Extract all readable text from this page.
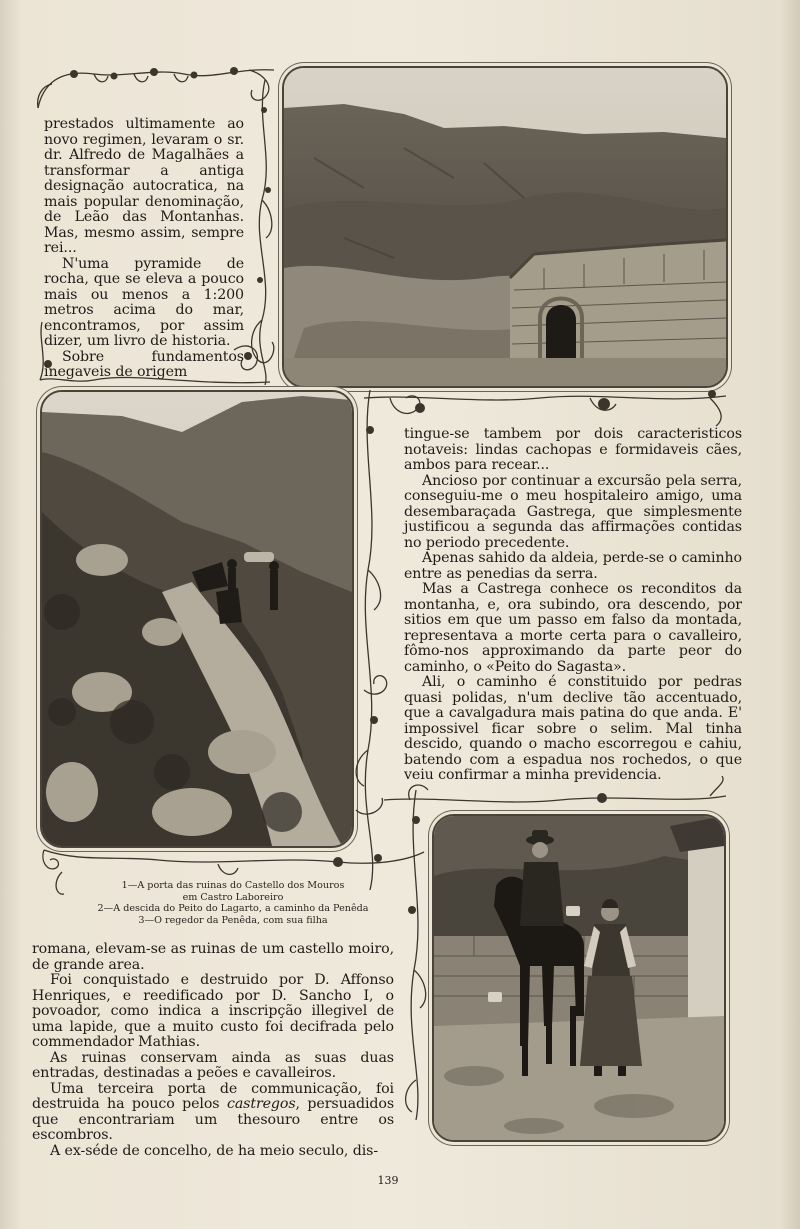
prestados ultimamente ao novo regimen, levaram o sr. dr. Alfredo de Magalhães a transformar a antiga designação autocratica, na mais popular denominação, de Leão das Montanhas. Mas, mesmo assim, sempre rei...

N'uma pyramide de rocha, que se eleva a pouco mais ou menos a 1:200 metros acima do mar, encontramos, por assim dizer, um livro de historia.

Sobre fundamentos inegaveis de origem

tingue-se tambem por dois caracteristicos notaveis: lindas cachopas e formidaveis cães, ambos para recear...

Ancioso por continuar a excursão pela serra, conseguiu-me o meu hospitaleiro amigo, uma desembaraçada Gastrega, que simplesmente justificou a segunda das affirmações contidas no periodo precedente.

Apenas sahido da aldeia, perde-se o caminho entre as penedias da serra.

Mas a Castrega conhece os reconditos da montanha, e, ora subindo, ora descendo, por sitios em que um passo em falso da montada, representava a morte certa para o cavalleiro, fômo-nos approximando da parte peor do caminho, o «Peito do Sagasta».

Ali, o caminho é constituido por pedras quasi polidas, n'um declive tão accentuado, que a cavalgadura mais patina do que anda. E' impossivel ficar sobre o selim. Mal tinha descido, quando o macho escorregou e cahiu, batendo com a espadua nos rochedos, o que veiu confirmar a minha previdencia.

1—A porta das ruinas do Castello dos Mouros
em Castro Laboreiro
2—A descida do Peito do Lagarto, a caminho da Penêda
3—O regedor da Penêda, com sua filha

romana, elevam-se as ruinas de um castello moiro, de grande area.

Foi conquistado e destruido por D. Affonso Henriques, e reedificado por D. Sancho I, o povoador, como indica a inscripção illegivel de uma lapide, que a muito custo foi decifrada pelo commendador Mathias.

As ruinas conservam ainda as suas duas entradas, destinadas a peões e cavalleiros.

Uma terceira porta de communicação, foi destruida ha pouco pelos castregos, persuadidos que encontrariam um thesouro entre os escombros.

A ex-séde de concelho, de ha meio seculo, dis-

139
